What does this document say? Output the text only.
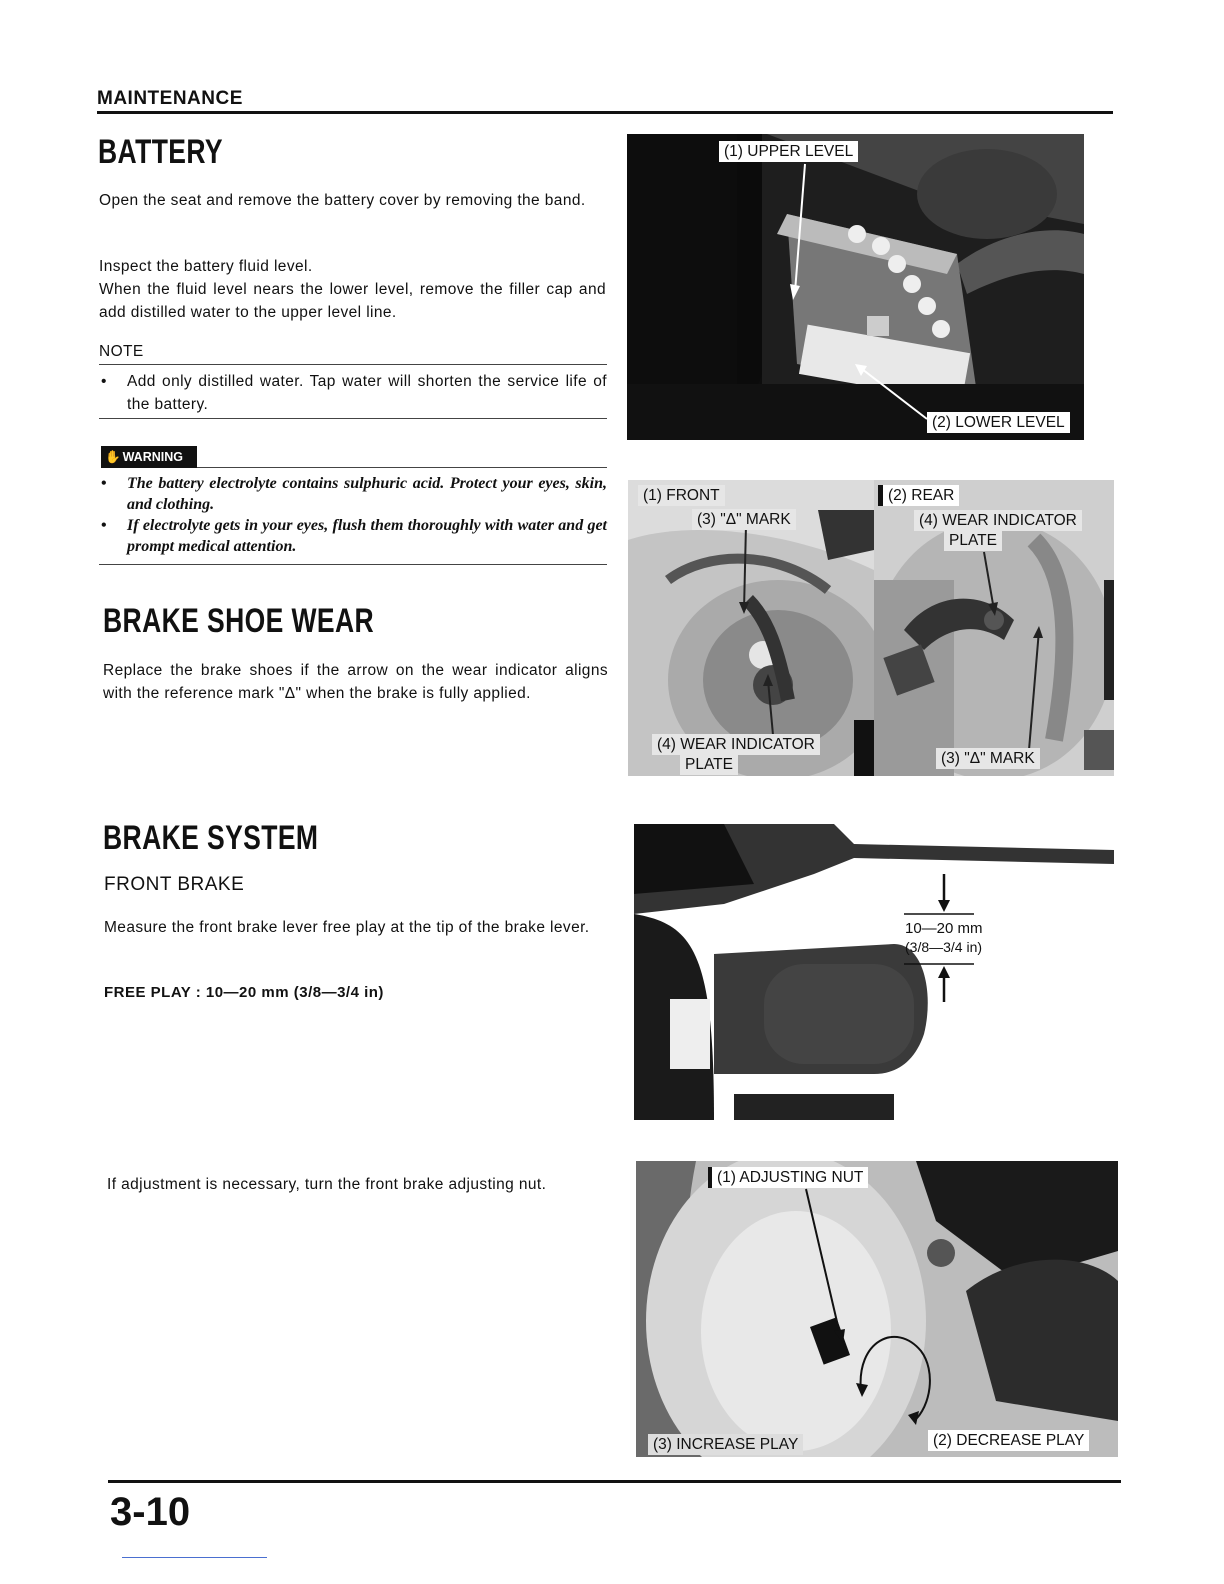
MAINTENANCE
BATTERY
Open the seat and remove the battery cover by removing the band.
Inspect the battery fluid level.
When the fluid level nears the lower level, remove the filler cap and add distilled water to the upper level line.
NOTE
•	Add only distilled water. Tap water will shorten the service life of the battery.
✋ WARNING
•	The battery electrolyte contains sulphuric acid. Protect your eyes, skin, and clothing.
•	If electrolyte gets in your eyes, flush them thoroughly with water and get prompt medical attention.
(1) UPPER LEVEL
(2) LOWER LEVEL
BRAKE SHOE WEAR
Replace the brake shoes if the arrow on the wear indicator aligns with the reference mark "Δ" when the brake is fully applied.
(1) FRONT
(3) "Δ" MARK
(4) WEAR INDICATOR
PLATE
(2) REAR
(4) WEAR INDICATOR
PLATE
(3) "Δ" MARK
BRAKE SYSTEM
FRONT BRAKE
Measure the front brake lever free play at the tip of the brake lever.
FREE PLAY : 10—20 mm (3/8—3/4 in)
10—20 mm
(3/8—3/4 in)
If adjustment is necessary, turn the front brake adjusting nut.	(1) ADJUSTING NUT
(3) INCREASE PLAY	(2) DECREASE PLAY
3-10
